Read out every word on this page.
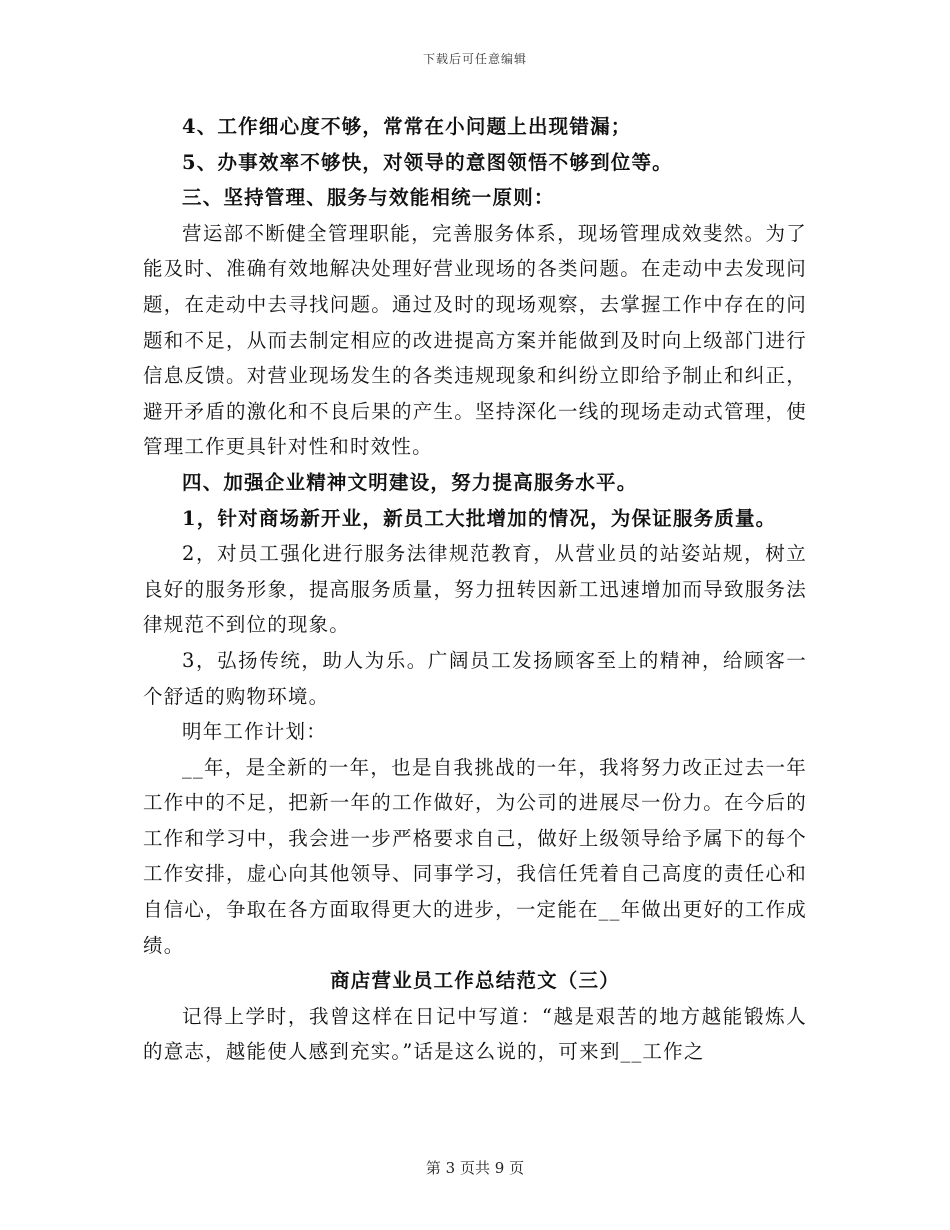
下载后可任意编辑

4、工作细心度不够，常常在小问题上出现错漏；

5、办事效率不够快，对领导的意图领悟不够到位等。

三、坚持管理、服务与效能相统一原则：

营运部不断健全管理职能，完善服务体系，现场管理成效斐然。为了能及时、准确有效地解决处理好营业现场的各类问题。在走动中去发现问题，在走动中去寻找问题。通过及时的现场观察，去掌握工作中存在的问题和不足，从而去制定相应的改进提高方案并能做到及时向上级部门进行信息反馈。对营业现场发生的各类违规现象和纠纷立即给予制止和纠正，避开矛盾的激化和不良后果的产生。坚持深化一线的现场走动式管理，使管理工作更具针对性和时效性。

四、加强企业精神文明建设，努力提高服务水平。

1，针对商场新开业，新员工大批增加的情况，为保证服务质量。

2，对员工强化进行服务法律规范教育，从营业员的站姿站规，树立良好的服务形象，提高服务质量，努力扭转因新工迅速增加而导致服务法律规范不到位的现象。

3，弘扬传统，助人为乐。广阔员工发扬顾客至上的精神，给顾客一个舒适的购物环境。

明年工作计划：

__年，是全新的一年，也是自我挑战的一年，我将努力改正过去一年工作中的不足，把新一年的工作做好，为公司的进展尽一份力。在今后的工作和学习中，我会进一步严格要求自己，做好上级领导给予属下的每个工作安排，虚心向其他领导、同事学习，我信任凭着自己高度的责任心和自信心，争取在各方面取得更大的进步，一定能在__年做出更好的工作成绩。

商店营业员工作总结范文（三）

记得上学时，我曾这样在日记中写道：“越是艰苦的地方越能锻炼人的意志，越能使人感到充实。”话是这么说的，可来到__工作之

第 3 页共 9 页
